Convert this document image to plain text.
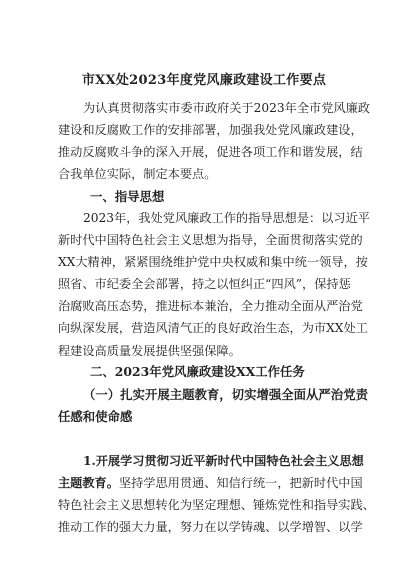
市XX处2023年度党风廉政建设工作要点
为认真贯彻落实市委市政府关于2023年全市党风廉政
建设和反腐败工作的安排部署，加强我处党风廉政建设，
推动反腐败斗争的深入开展，促进各项工作和谐发展，结
合我单位实际，制定本要点。
一、指导思想
2023年，我处党风廉政工作的指导思想是：以习近平
新时代中国特色社会主义思想为指导，全面贯彻落实党的
XX大精神，紧紧围绕维护党中央权威和集中统一领导，按
照省、市纪委全会部署，持之以恒纠正“四风”，保持惩
治腐败高压态势，推进标本兼治，全力推动全面从严治党
向纵深发展，营造风清气正的良好政治生态，为市XX处工
程建设高质量发展提供坚强保障。
二、2023年党风廉政建设XX工作任务
（一）扎实开展主题教育，切实增强全面从严治党责
任感和使命感
1.开展学习贯彻习近平新时代中国特色社会主义思想
主题教育。坚持学思用贯通、知信行统一，把新时代中国
特色社会主义思想转化为坚定理想、锤炼党性和指导实践、
推动工作的强大力量，努力在以学铸魂、以学增智、以学
